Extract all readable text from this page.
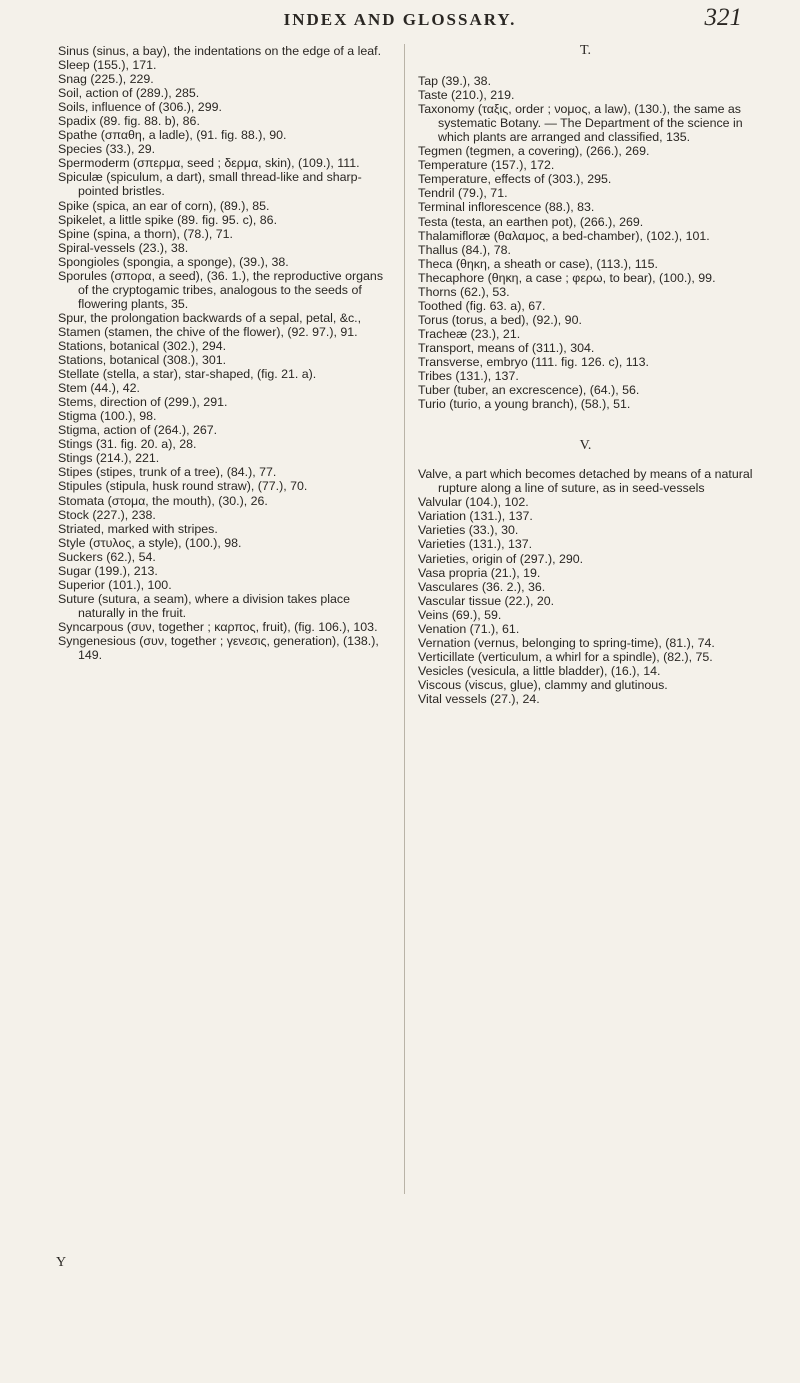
INDEX AND GLOSSARY.	321

Sinus (sinus, a bay), the indentations on the edge of a leaf.

Sleep (155.), 171.

Snag (225.), 229.

Soil, action of (289.), 285.

Soils, influence of (306.), 299.

Spadix (89. fig. 88. b), 86.

Spathe (σπαθη, a ladle), (91. fig. 88.), 90.

Species (33.), 29.

Spermoderm (σπερμα, seed ; δερμα, skin), (109.), 111.

Spiculæ (spiculum, a dart), small thread-like and sharp-pointed bristles.

Spike (spica, an ear of corn), (89.), 85.

Spikelet, a little spike (89. fig. 95. c), 86.

Spine (spina, a thorn), (78.), 71.

Spiral-vessels (23.), 38.

Spongioles (spongia, a sponge), (39.), 38.

Sporules (σπορα, a seed), (36. 1.), the reproductive organs of the cryptogamic tribes, analogous to the seeds of flowering plants, 35.

Spur, the prolongation backwards of a sepal, petal, &c.,

Stamen (stamen, the chive of the flower), (92. 97.), 91.

Stations, botanical (302.), 294.

Stations, botanical (308.), 301.

Stellate (stella, a star), star-shaped, (fig. 21. a).

Stem (44.), 42.

Stems, direction of (299.), 291.

Stigma (100.), 98.

Stigma, action of (264.), 267.

Stings (31. fig. 20. a), 28.

Stings (214.), 221.

Stipes (stipes, trunk of a tree), (84.), 77.

Stipules (stipula, husk round straw), (77.), 70.

Stomata (στομα, the mouth), (30.), 26.

Stock (227.), 238.

Striated, marked with stripes.

Style (στυλος, a style), (100.), 98.

Suckers (62.), 54.

Sugar (199.), 213.

Superior (101.), 100.

Suture (sutura, a seam), where a division takes place naturally in the fruit.

Syncarpous (συν, together ; καρπος, fruit), (fig. 106.), 103.

Syngenesious (συν, together ; γενεσις, generation), (138.), 149.

T.

Tap (39.), 38.

Taste (210.), 219.

Taxonomy (ταξις, order ; νομος, a law), (130.), the same as systematic Botany. — The Department of the science in which plants are arranged and classified, 135.

Tegmen (tegmen, a covering), (266.), 269.

Temperature (157.), 172.

Temperature, effects of (303.), 295.

Tendril (79.), 71.

Terminal inflorescence (88.), 83.

Testa (testa, an earthen pot), (266.), 269.

Thalamifloræ (θαλαμος, a bed-chamber), (102.), 101.

Thallus (84.), 78.

Theca (θηκη, a sheath or case), (113.), 115.

Thecaphore (θηκη, a case ; φερω, to bear), (100.), 99.

Thorns (62.), 53.

Toothed (fig. 63. a), 67.

Torus (torus, a bed), (92.), 90.

Tracheæ (23.), 21.

Transport, means of (311.), 304.

Transverse, embryo (111. fig. 126. c), 113.

Tribes (131.), 137.

Tuber (tuber, an excrescence), (64.), 56.

Turio (turio, a young branch), (58.), 51.

V.

Valve, a part which becomes detached by means of a natural rupture along a line of suture, as in seed-vessels

Valvular (104.), 102.

Variation (131.), 137.

Varieties (33.), 30.

Varieties (131.), 137.

Varieties, origin of (297.), 290.

Vasa propria (21.), 19.

Vasculares (36. 2.), 36.

Vascular tissue (22.), 20.

Veins (69.), 59.

Venation (71.), 61.

Vernation (vernus, belonging to spring-time), (81.), 74.

Verticillate (verticulum, a whirl for a spindle), (82.), 75.

Vesicles (vesicula, a little bladder), (16.), 14.

Viscous (viscus, glue), clammy and glutinous.

Vital vessels (27.), 24.

Y
